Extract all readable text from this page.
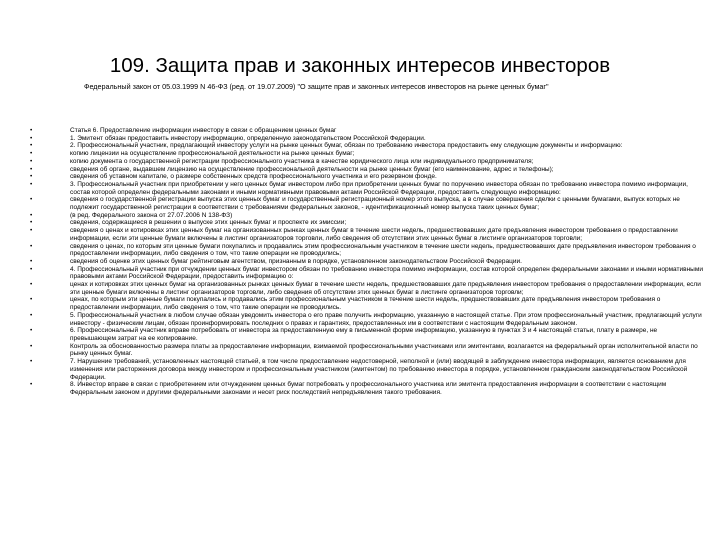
109. Защита прав и законных интересов инвесторов
Федеральный закон от 05.03.1999 N 46-ФЗ (ред. от 19.07.2009) "О защите прав и законных интересов инвесторов на рынке ценных бумаг"
•	Статья 6. Предоставление информации инвестору в связи с обращением ценных бумаг
•	1. Эмитент обязан предоставить инвестору информацию, определенную законодательством Российской Федерации.
•	2. Профессиональный участник, предлагающий инвестору услуги на рынке ценных бумаг, обязан по требованию инвестора предоставить ему следующие документы и информацию:
•	копию лицензии на осуществление профессиональной деятельности на рынке ценных бумаг;
•	копию документа о государственной регистрации профессионального участника в качестве юридического лица или индивидуального предпринимателя;
•	сведения об органе, выдавшем лицензию на осуществление профессиональной деятельности на рынке ценных бумаг (его наименование, адрес и телефоны);
•	сведения об уставном капитале, о размере собственных средств профессионального участника и его резервном фонде.
•	3. Профессиональный участник при приобретении у него ценных бумаг инвестором либо при приобретении ценных бумаг по поручению инвестора обязан по требованию инвестора помимо информации, состав которой определен федеральными законами и иными нормативными правовыми актами Российской Федерации, предоставить следующую информацию:
•	сведения о государственной регистрации выпуска этих ценных бумаг и государственный регистрационный номер этого выпуска, а в случае совершения сделки с ценными бумагами, выпуск которых не подлежит государственной регистрации в соответствии с требованиями федеральных законов, - идентификационный номер выпуска таких ценных бумаг;
•	(в ред. Федерального закона от 27.07.2006 N 138-ФЗ)
•	сведения, содержащиеся в решении о выпуске этих ценных бумаг и проспекте их эмиссии;
•	сведения о ценах и котировках этих ценных бумаг на организованных рынках ценных бумаг в течение шести недель, предшествовавших дате предъявления инвестором требования о предоставлении информации, если эти ценные бумаги включены в листинг организаторов торговли, либо сведения об отсутствии этих ценных бумаг в листинге организаторов торговли;
•	сведения о ценах, по которым эти ценные бумаги покупались и продавались этим профессиональным участником в течение шести недель, предшествовавших дате предъявления инвестором требования о предоставлении информации, либо сведения о том, что такие операции не проводились;
•	сведения об оценке этих ценных бумаг рейтинговым агентством, признанным в порядке, установленном законодательством Российской Федерации.
•	4. Профессиональный участник при отчуждении ценных бумаг инвестором обязан по требованию инвестора помимо информации, состав которой определен федеральными законами и иными нормативными правовыми актами Российской Федерации, предоставить информацию о:
•	ценах и котировках этих ценных бумаг на организованных рынках ценных бумаг в течение шести недель, предшествовавших дате предъявления инвестором требования о предоставлении информации, если эти ценные бумаги включены в листинг организаторов торговли, либо сведения об отсутствии этих ценных бумаг в листинге организаторов торговли;
•	ценах, по которым эти ценные бумаги покупались и продавались этим профессиональным участником в течение шести недель, предшествовавших дате предъявления инвестором требования о предоставлении информации, либо сведения о том, что такие операции не проводились.
•	5. Профессиональный участник в любом случае обязан уведомить инвестора о его праве получить информацию, указанную в настоящей статье. При этом профессиональный участник, предлагающий услуги инвестору - физическим лицам, обязан проинформировать последних о правах и гарантиях, предоставленных им в соответствии с настоящим Федеральным законом.
•	6. Профессиональный участник вправе потребовать от инвестора за предоставленную ему в письменной форме информацию, указанную в пунктах 3 и 4 настоящей статьи, плату в размере, не превышающем затрат на ее копирование.
•	Контроль за обоснованностью размера платы за предоставление информации, взимаемой профессиональными участниками или эмитентами, возлагается на федеральный орган исполнительной власти по рынку ценных бумаг.
•	7. Нарушение требований, установленных настоящей статьей, в том числе предоставление недостоверной, неполной и (или) вводящей в заблуждение инвестора информации, является основанием для изменения или расторжения договора между инвестором и профессиональным участником (эмитентом) по требованию инвестора в порядке, установленном гражданским законодательством Российской Федерации.
•	8. Инвестор вправе в связи с приобретением или отчуждением ценных бумаг потребовать у профессионального участника или эмитента предоставления информации в соответствии с настоящим Федеральным законом и другими федеральными законами и несет риск последствий непредъявления такого требования.
